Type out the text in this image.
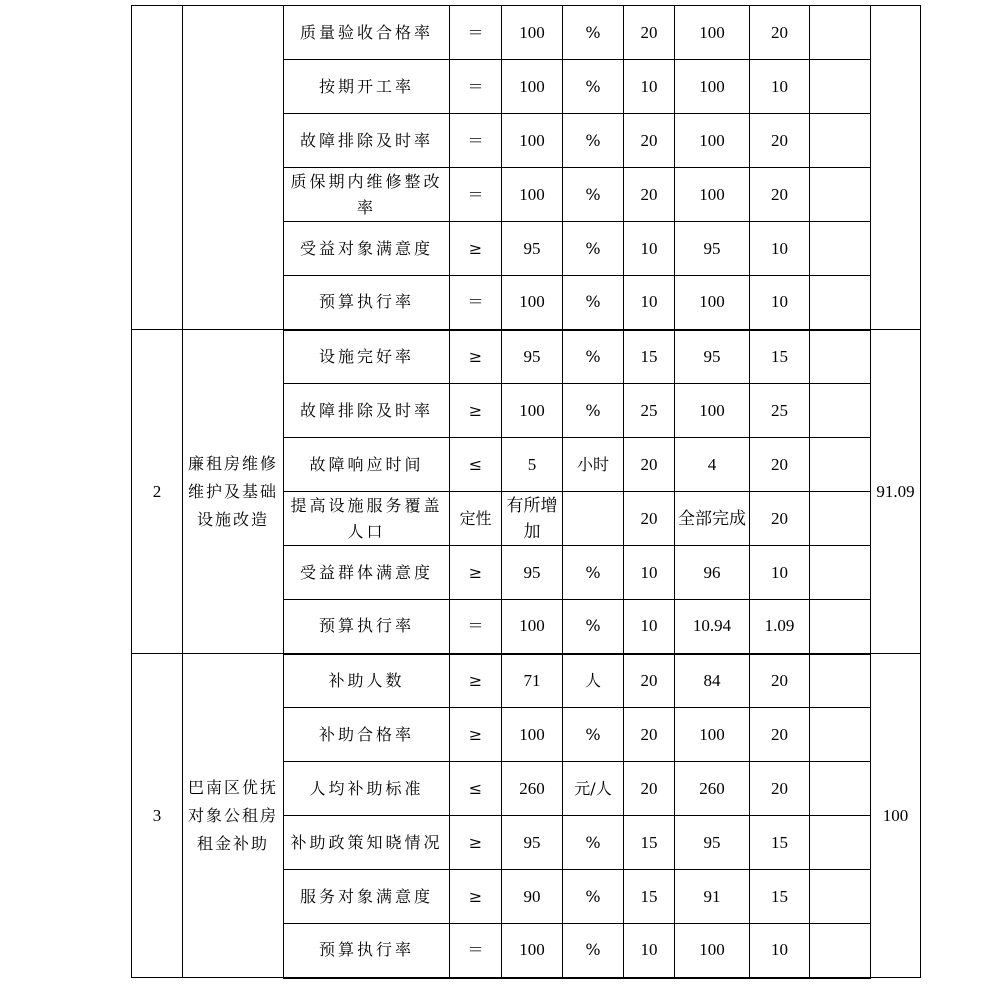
		质量验收合格率	＝	100	%	20	100	20		
		按期开工率	＝	100	%	10	100	10		
		故障排除及时率	＝	100	%	20	100	20		
		质保期内维修整改率	＝	100	%	20	100	20		
		受益对象满意度	≥	95	%	10	95	10		
		预算执行率	＝	100	%	10	100	10		
2	廉租房维修维护及基础设施改造	设施完好率	≥	95	%	15	95	15		91.09
		故障排除及时率	≥	100	%	25	100	25		
		故障响应时间	≤	5	小时	20	4	20		
		提高设施服务覆盖人口	定性	有所增加		20	全部完成	20		
		受益群体满意度	≥	95	%	10	96	10		
		预算执行率	＝	100	%	10	10.94	1.09		
3	巴南区优抚对象公租房租金补助	补助人数	≥	71	人	20	84	20		100
		补助合格率	≥	100	%	20	100	20		
		人均补助标准	≤	260	元/人	20	260	20		
		补助政策知晓情况	≥	95	%	15	95	15		
		服务对象满意度	≥	90	%	15	91	15		
		预算执行率	＝	100	%	10	100	10		
